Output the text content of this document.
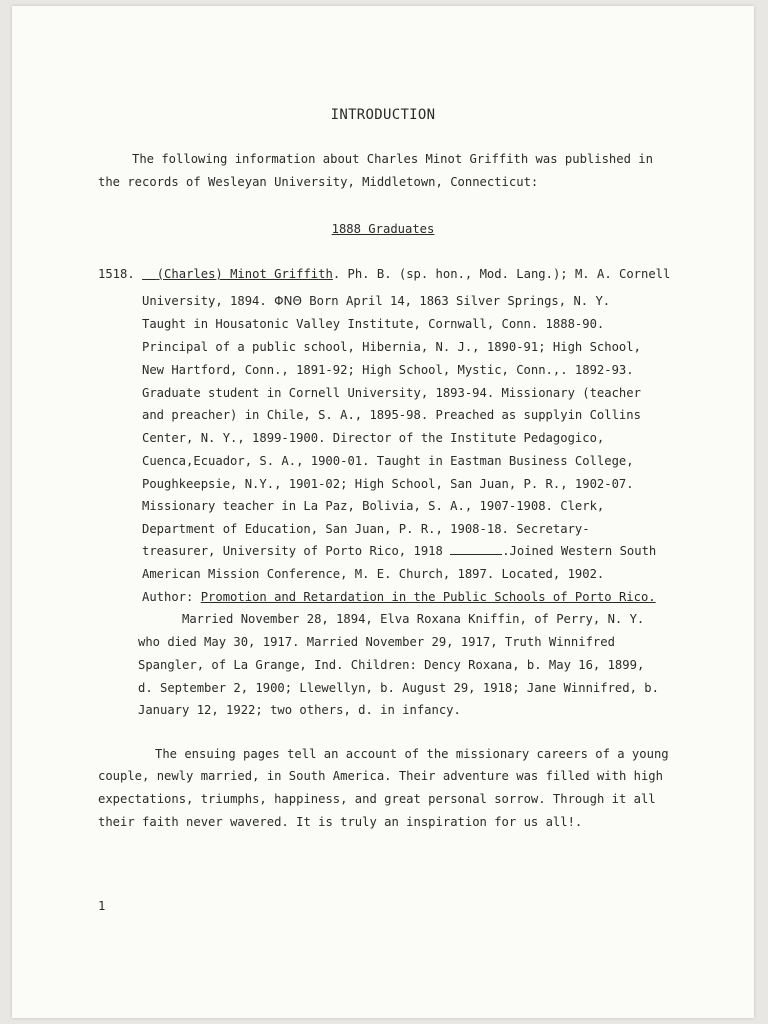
INTRODUCTION
The following information about Charles Minot Griffith was published in
the records of Wesleyan University, Middletown, Connecticut:
1888 Graduates
1518. (Charles) Minot Griffith. Ph. B. (sp. hon., Mod. Lang.); M. A. Cornell
University, 1894. ΦΝΘ Born April 14, 1863 Silver Springs, N. Y.
Taught in Housatonic Valley Institute, Cornwall, Conn. 1888-90.
Principal of a public school, Hibernia, N. J., 1890-91; High School,
New Hartford, Conn., 1891-92; High School, Mystic, Conn.,. 1892-93.
Graduate student in Cornell University, 1893-94. Missionary (teacher
and preacher) in Chile, S. A., 1895-98. Preached as supplyin Collins
Center, N. Y., 1899-1900. Director of the Institute Pedagogico,
Cuenca,Ecuador, S. A., 1900-01. Taught in Eastman Business College,
Poughkeepsie, N.Y., 1901-02; High School, San Juan, P. R., 1902-07.
Missionary teacher in La Paz, Bolivia, S. A., 1907-1908. Clerk,
Department of Education, San Juan, P. R., 1908-18. Secretary-
treasurer, University of Porto Rico, 1918	.Joined Western South
American Mission Conference, M. E. Church, 1897. Located, 1902.
Author: Promotion and Retardation in the Public Schools of Porto Rico.
Married November 28, 1894, Elva Roxana Kniffin, of Perry, N. Y.
who died May 30, 1917. Married November 29, 1917, Truth Winnifred
Spangler, of La Grange, Ind. Children: Dency Roxana, b. May 16, 1899,
d. September 2, 1900; Llewellyn, b. August 29, 1918; Jane Winnifred, b.
January 12, 1922; two others, d. in infancy.
The ensuing pages tell an account of the missionary careers of a young
couple, newly married, in South America. Their adventure was filled with high
expectations, triumphs, happiness, and great personal sorrow. Through it all
their faith never wavered. It is truly an inspiration for us all!.
1
